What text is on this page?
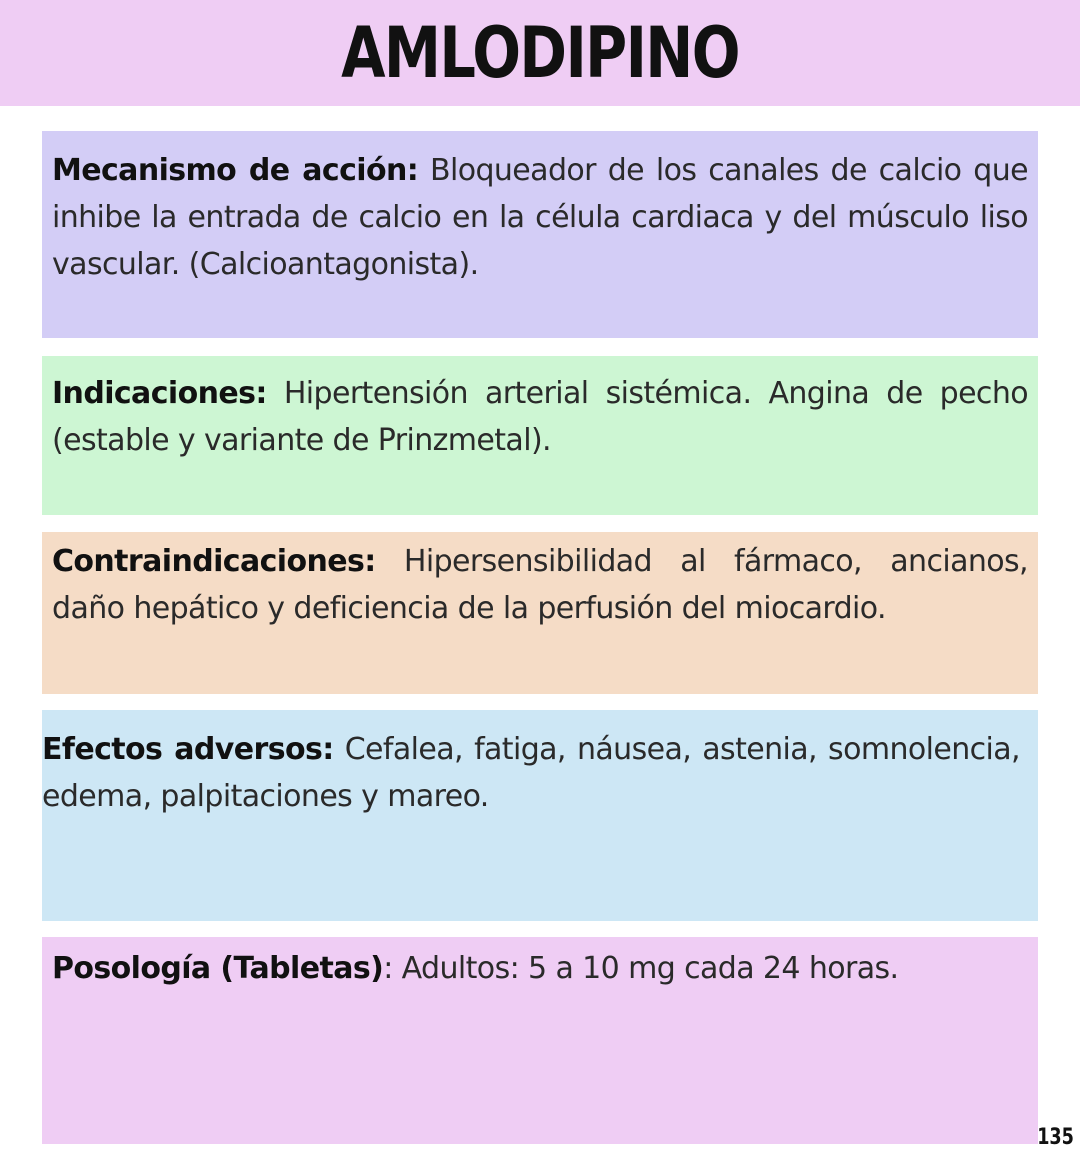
AMLODIPINO
Mecanismo de acción: Bloqueador de los canales de calcio que inhibe la entrada de calcio en la célula cardiaca y del músculo liso vascular. (Calcioantagonista).
Indicaciones: Hipertensión arterial sistémica. Angina de pecho (estable y variante de Prinzmetal).
Contraindicaciones: Hipersensibilidad al fármaco, ancianos, daño hepático y deficiencia de la perfusión del miocardio.
Efectos adversos: Cefalea, fatiga, náusea, astenia, somnolencia, edema, palpitaciones y mareo.
Posología (Tabletas): Adultos: 5 a 10 mg cada 24 horas.
135
